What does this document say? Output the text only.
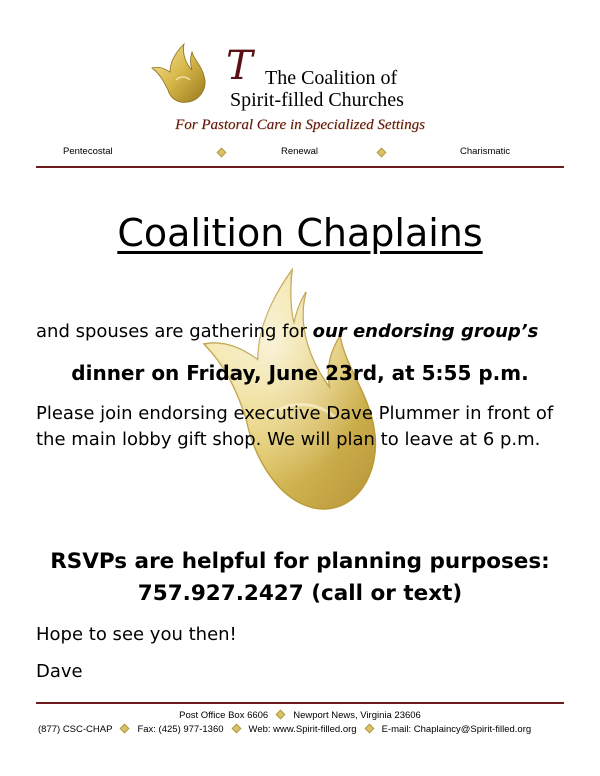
T The Coalition of
Spirit-filled Churches
For Pastoral Care in Specialized Settings
Pentecostal	Renewal	Charismatic
Coalition Chaplains
and spouses are gathering for our endorsing group’s
dinner on Friday, June 23rd, at 5:55 p.m.
Please join endorsing executive Dave Plummer in front of the main lobby gift shop. We will plan to leave at 6 p.m.
RSVPs are helpful for planning purposes:
757.927.2427 (call or text)
Hope to see you then!
Dave
Post Office Box 6606	Newport News, Virginia 23606
(877) CSC-CHAP	Fax: (425) 977-1360	Web: www.Spirit-filled.org	E-mail: Chaplaincy@Spirit-filled.org
